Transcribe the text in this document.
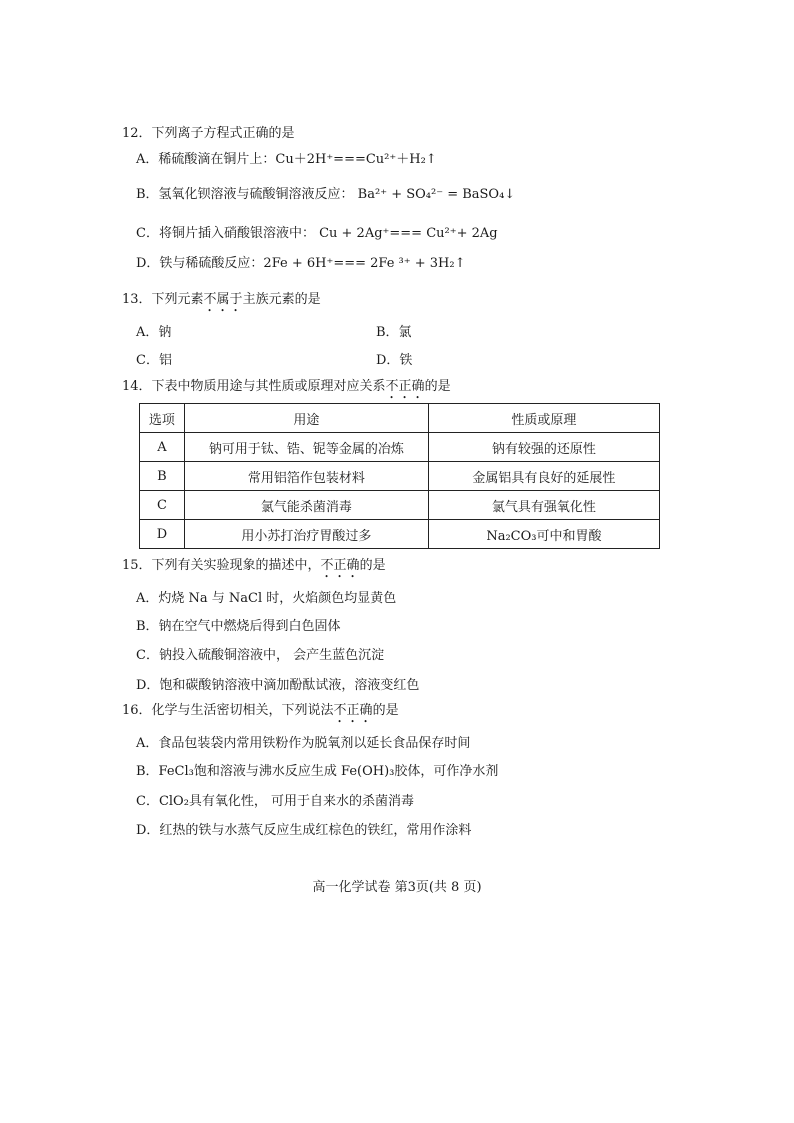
12．下列离子方程式正确的是
A．稀硫酸滴在铜片上：Cu＋2H⁺===Cu²⁺＋H₂↑
B．氢氧化钡溶液与硫酸铜溶液反应： Ba²⁺ + SO₄²⁻ = BaSO₄↓
C．将铜片插入硝酸银溶液中： Cu + 2Ag⁺=== Cu²⁺+ 2Ag
D．铁与稀硫酸反应：2Fe + 6H⁺=== 2Fe ³⁺ + 3H₂↑
13．下列元素不属于主族元素的是
A．钠	B．氯
C．铝	D．铁
14．下表中物质用途与其性质或原理对应关系不正确的是
选项	用途	性质或原理
A	钠可用于钛、锆、铌等金属的冶炼	钠有较强的还原性
B	常用铝箔作包装材料	金属铝具有良好的延展性
C	氯气能杀菌消毒	氯气具有强氧化性
D	用小苏打治疗胃酸过多	Na₂CO₃可中和胃酸
15．下列有关实验现象的描述中，不正确的是
A．灼烧 Na 与 NaCl 时，火焰颜色均显黄色
B．钠在空气中燃烧后得到白色固体
C．钠投入硫酸铜溶液中， 会产生蓝色沉淀
D．饱和碳酸钠溶液中滴加酚酞试液，溶液变红色
16．化学与生活密切相关，下列说法不正确的是
A．食品包装袋内常用铁粉作为脱氧剂以延长食品保存时间
B．FeCl₃饱和溶液与沸水反应生成 Fe(OH)₃胶体，可作净水剂
C．ClO₂具有氧化性， 可用于自来水的杀菌消毒
D．红热的铁与水蒸气反应生成红棕色的铁红，常用作涂料
高一化学试卷 第3页(共 8 页)
